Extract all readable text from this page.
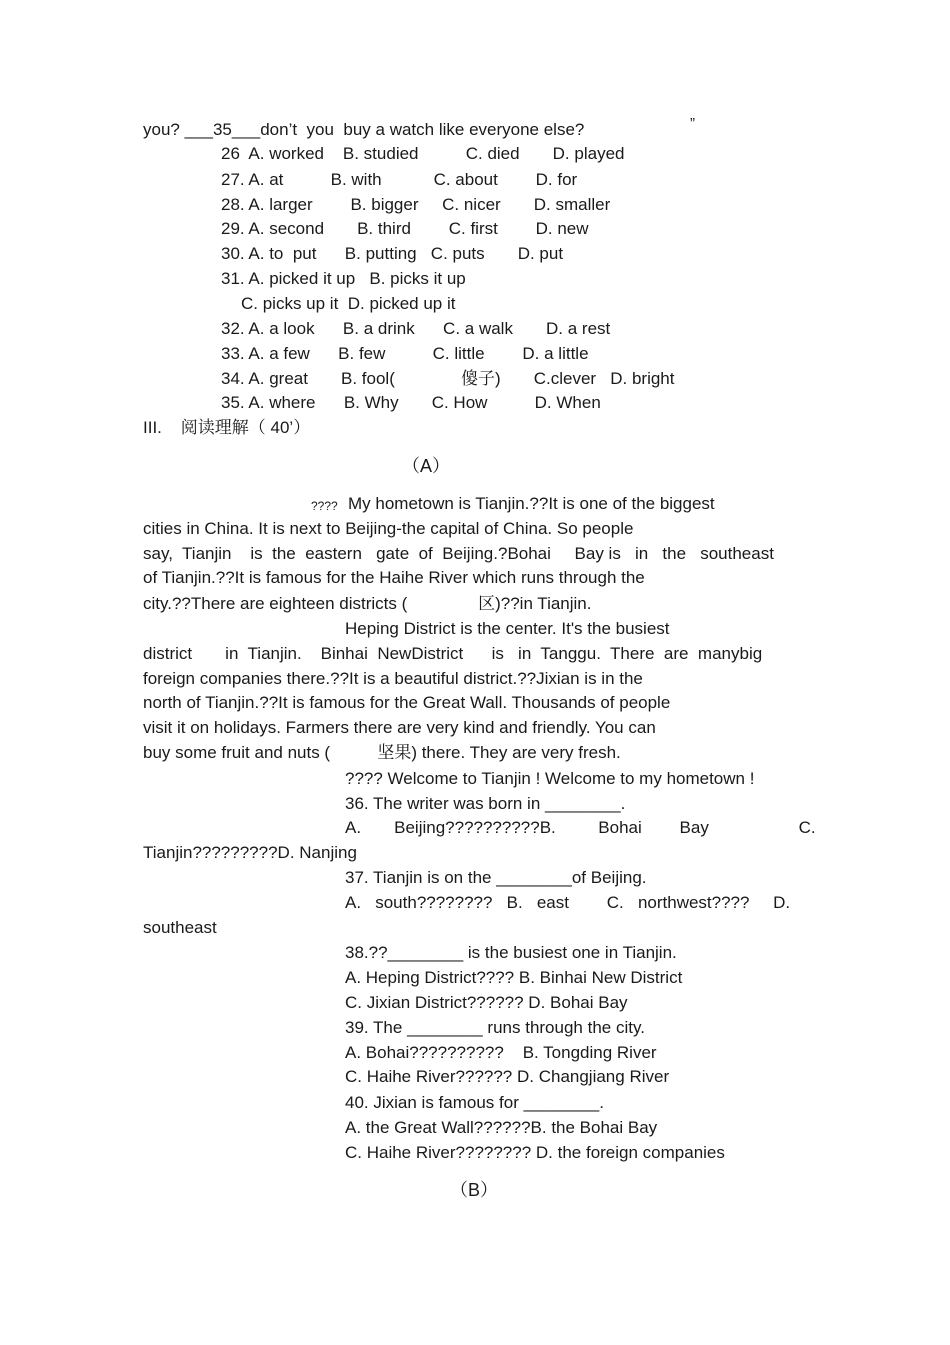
you? ___35___don’t  you  buy a watch like everyone else?	”
26  A. worked    B. studied          C. died       D. played
27. A. at          B. with           C. about        D. for
28. A. larger        B. bigger     C. nicer       D. smaller
29. A. second       B. third        C. first        D. new
30. A. to  put      B. putting   C. puts       D. put
31. A. picked it up   B. picks it up
C. picks up it  D. picked up it
32. A. a look      B. a drink      C. a walk       D. a rest
33. A. a few      B. few          C. little        D. a little
34. A. great       B. fool(              傻子)       C.clever   D. bright
35. A. where      B. Why       C. How          D. When
III.    阅读理解（ 40’）
（A）
???? My hometown is Tianjin.??It is one of the biggest
cities in China. It is next to Beijing-the capital of China. So people
say,  Tianjin    is  the  eastern   gate  of  Beijing.?Bohai     Bay is   in   the   southeast
of Tianjin.??It is famous for the Haihe River which runs through the
city.??There are eighteen districts (               区)??in Tianjin.
Heping District is the center. It's the busiest
district       in  Tianjin.    Binhai  NewDistrict      is   in  Tanggu.  There  are  manybig
foreign companies there.??It is a beautiful district.??Jixian is in the
north of Tianjin.??It is famous for the Great Wall. Thousands of people
visit it on holidays. Farmers there are very kind and friendly. You can
buy some fruit and nuts (          坚果) there. They are very fresh.
???? Welcome to Tianjin ! Welcome to my hometown !
36. The writer was born in ________.
A.       Beijing??????????B.         Bohai        Bay                   C.
Tianjin?????????D. Nanjing
37. Tianjin is on the ________of Beijing.
A.   south????????   B.   east        C.   northwest????     D.
southeast
38.??________ is the busiest one in Tianjin.
A. Heping District???? B. Binhai New District
C. Jixian District?????? D. Bohai Bay
39. The ________ runs through the city.
A. Bohai??????????    B. Tongding River
C. Haihe River?????? D. Changjiang River
40. Jixian is famous for ________.
A. the Great Wall??????B. the Bohai Bay
C. Haihe River???????? D. the foreign companies
（B）
